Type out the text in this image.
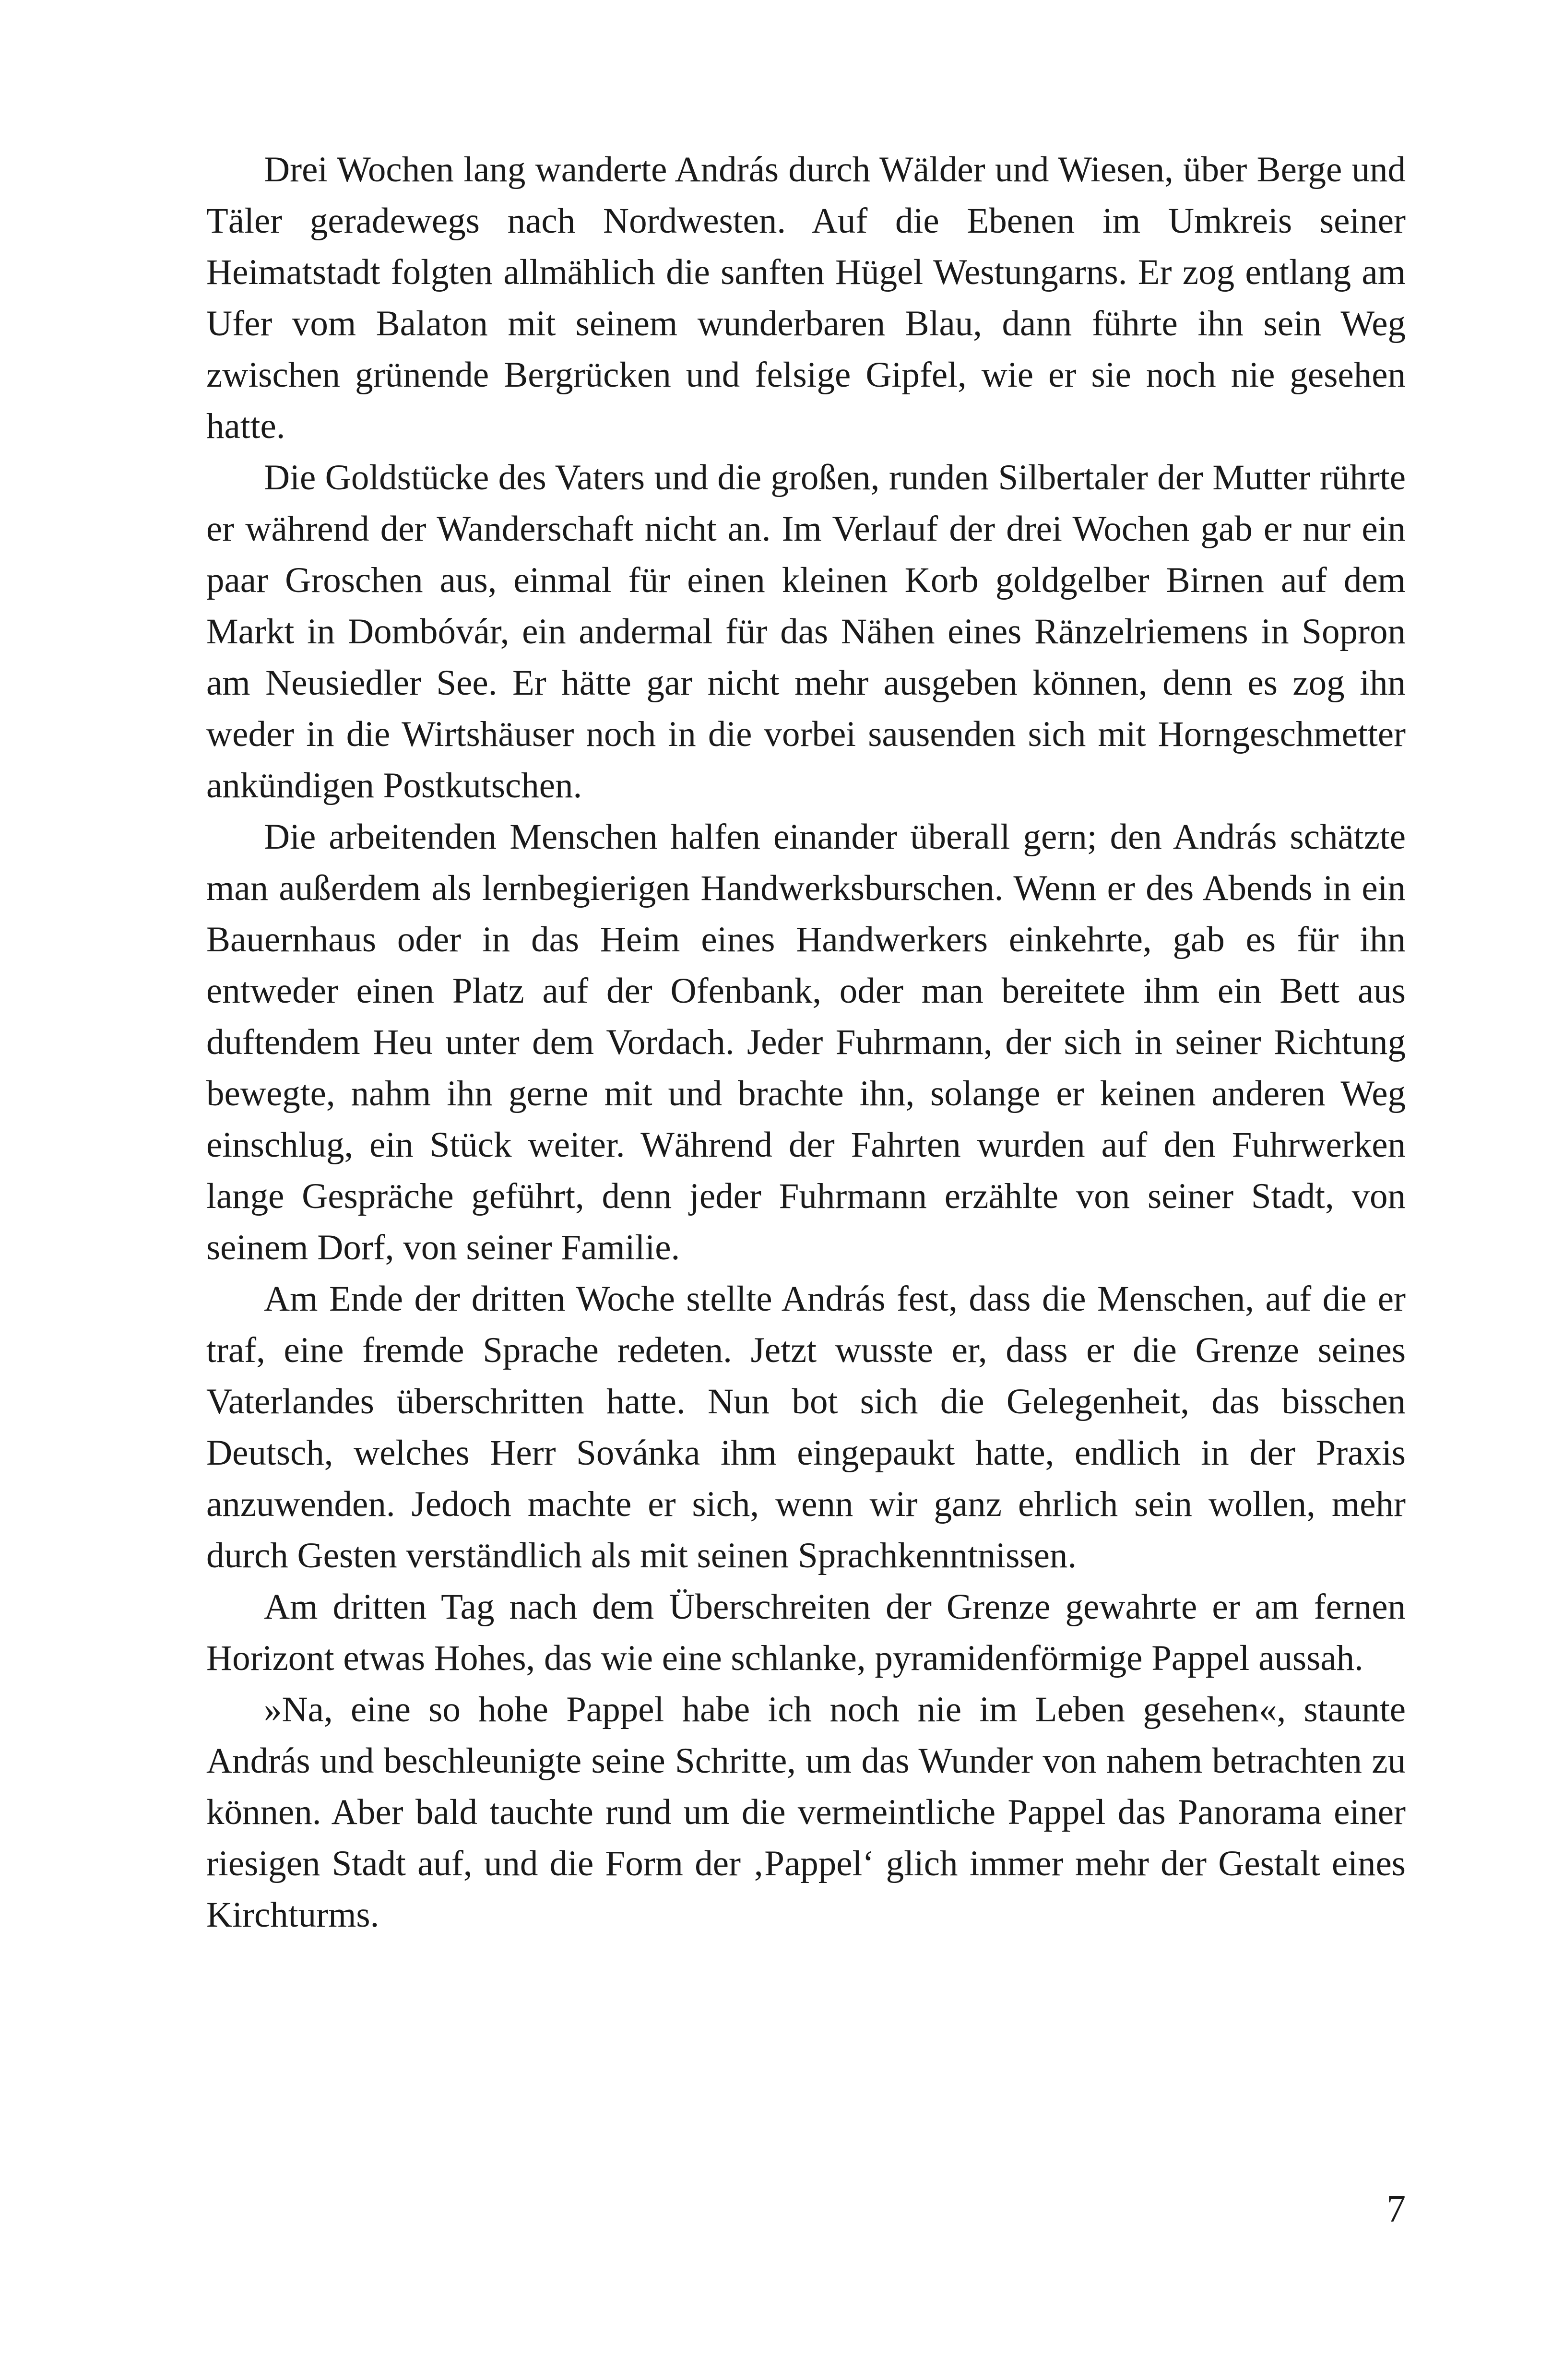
Drei Wochen lang wanderte András durch Wälder und Wiesen, über Berge und Täler geradewegs nach Nordwesten. Auf die Ebenen im Umkreis seiner Heimatstadt folgten allmählich die sanften Hügel Westungarns. Er zog entlang am Ufer vom Balaton mit seinem wunderbaren Blau, dann führte ihn sein Weg zwischen grünende Bergrücken und felsige Gipfel, wie er sie noch nie gesehen hatte.

Die Goldstücke des Vaters und die großen, runden Silbertaler der Mutter rührte er während der Wanderschaft nicht an. Im Verlauf der drei Wochen gab er nur ein paar Groschen aus, einmal für einen kleinen Korb goldgelber Birnen auf dem Markt in Dombóvár, ein andermal für das Nähen eines Ränzelriemens in Sopron am Neusiedler See. Er hätte gar nicht mehr ausgeben können, denn es zog ihn weder in die Wirtshäuser noch in die vorbei sausenden sich mit Horngeschmetter ankündigen Postkutschen.

Die arbeitenden Menschen halfen einander überall gern; den András schätzte man außerdem als lernbegierigen Handwerksburschen. Wenn er des Abends in ein Bauernhaus oder in das Heim eines Handwerkers einkehrte, gab es für ihn entweder einen Platz auf der Ofenbank, oder man bereitete ihm ein Bett aus duftendem Heu unter dem Vordach. Jeder Fuhrmann, der sich in seiner Richtung bewegte, nahm ihn gerne mit und brachte ihn, solange er keinen anderen Weg einschlug, ein Stück weiter. Während der Fahrten wurden auf den Fuhrwerken lange Gespräche geführt, denn jeder Fuhrmann erzählte von seiner Stadt, von seinem Dorf, von seiner Familie.

Am Ende der dritten Woche stellte András fest, dass die Menschen, auf die er traf, eine fremde Sprache redeten. Jetzt wusste er, dass er die Grenze seines Vaterlandes überschritten hatte. Nun bot sich die Gelegenheit, das bisschen Deutsch, welches Herr Sovánka ihm eingepaukt hatte, endlich in der Praxis anzuwenden. Jedoch machte er sich, wenn wir ganz ehrlich sein wollen, mehr durch Gesten verständlich als mit seinen Sprachkenntnissen.

Am dritten Tag nach dem Überschreiten der Grenze gewahrte er am fernen Horizont etwas Hohes, das wie eine schlanke, pyramidenförmige Pappel aussah.

»Na, eine so hohe Pappel habe ich noch nie im Leben gesehen«, staunte András und beschleunigte seine Schritte, um das Wunder von nahem betrachten zu können. Aber bald tauchte rund um die vermeintliche Pappel das Panorama einer riesigen Stadt auf, und die Form der ‚Pappel‘ glich immer mehr der Gestalt eines Kirchturms.

7
